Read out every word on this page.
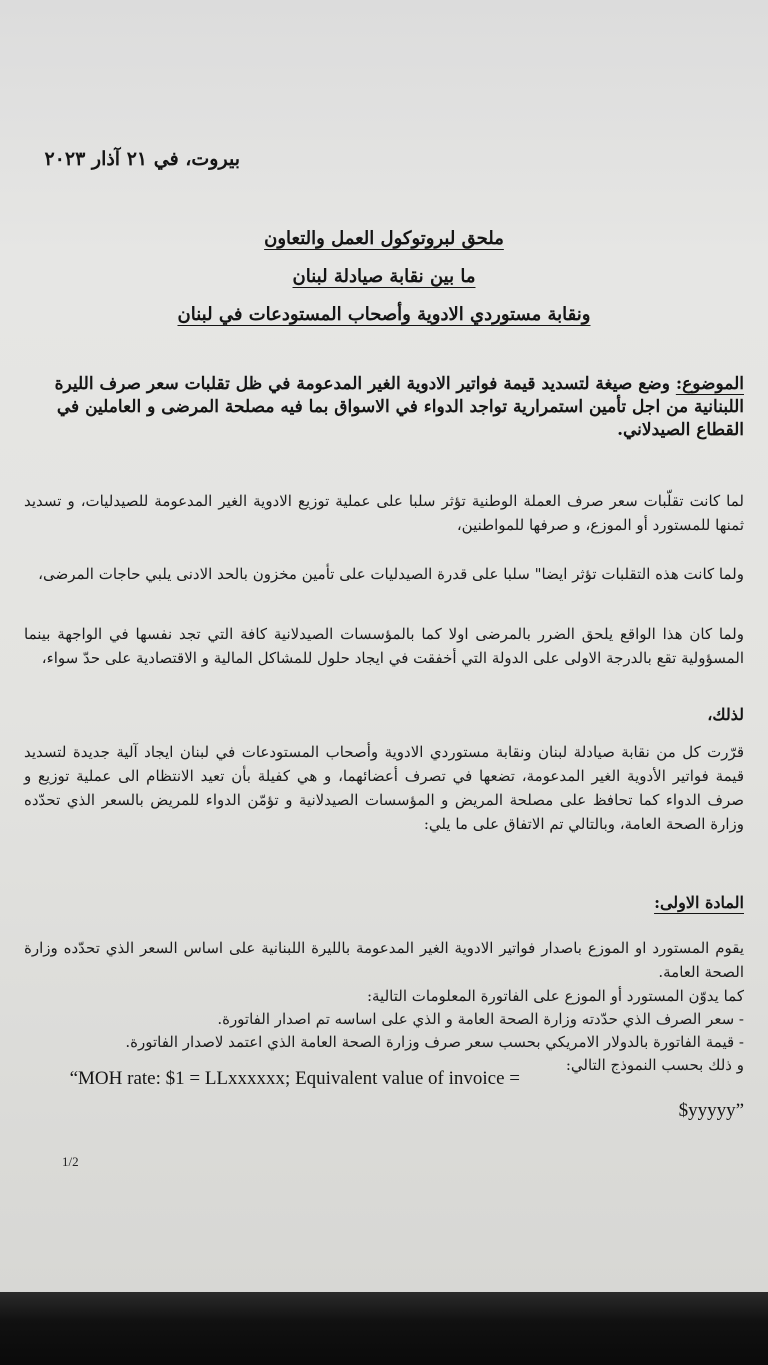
بيروت، في ٢١ آذار ٢٠٢٣
ملحق لبروتوكول العمل والتعاون
ما بين نقابة صيادلة لبنان
ونقابة مستوردي الادوية وأصحاب المستودعات في لبنان
الموضوع: وضع صيغة لتسديد قيمة فواتير الادوية الغير المدعومة في ظل تقلبات سعر صرف الليرة اللبنانية من اجل تأمين استمرارية تواجد الدواء في الاسواق بما فيه مصلحة المرضى و العاملين في القطاع الصيدلاني.
لما كانت تقلّبات سعر صرف العملة الوطنية تؤثر سلبا على عملية توزيع الادوية الغير المدعومة للصيدليات، و تسديد ثمنها للمستورد أو الموزع، و صرفها للمواطنين،
ولما كانت هذه التقلبات تؤثر ايضا" سلبا على قدرة الصيدليات على تأمين مخزون بالحد الادنى يلبي حاجات المرضى،
ولما كان هذا الواقع يلحق الضرر بالمرضى اولا كما بالمؤسسات الصيدلانية كافة التي تجد نفسها في الواجهة بينما المسؤولية تقع بالدرجة الاولى على الدولة التي أخفقت في ايجاد حلول للمشاكل المالية و الاقتصادية على حدّ سواء،
لذلك،
قرّرت كل من نقابة صيادلة لبنان ونقابة مستوردي الادوية وأصحاب المستودعات في لبنان ايجاد آلية جديدة لتسديد قيمة فواتير الأدوية الغير المدعومة، تضعها في تصرف أعضائهما، و هي كفيلة بأن تعيد الانتظام الى عملية توزيع و صرف الدواء كما تحافظ على مصلحة المريض و المؤسسات الصيدلانية و تؤمّن الدواء للمريض بالسعر الذي تحدّده وزارة الصحة العامة، وبالتالي تم الاتفاق على ما يلي:
المادة الاولى:
يقوم المستورد او الموزع باصدار فواتير الادوية الغير المدعومة بالليرة اللبنانية على اساس السعر الذي تحدّده وزارة الصحة العامة.
كما يدوّن المستورد أو الموزع على الفاتورة المعلومات التالية:
- سعر الصرف الذي حدّدته وزارة الصحة العامة و الذي على اساسه تم اصدار الفاتورة.
- قيمة الفاتورة بالدولار الامريكي بحسب سعر صرف وزارة الصحة العامة الذي اعتمد لاصدار الفاتورة.
و ذلك بحسب النموذج التالي:
“MOH rate: $1 = LLxxxxxx; Equivalent value of invoice =
$yyyyy”
1/2
